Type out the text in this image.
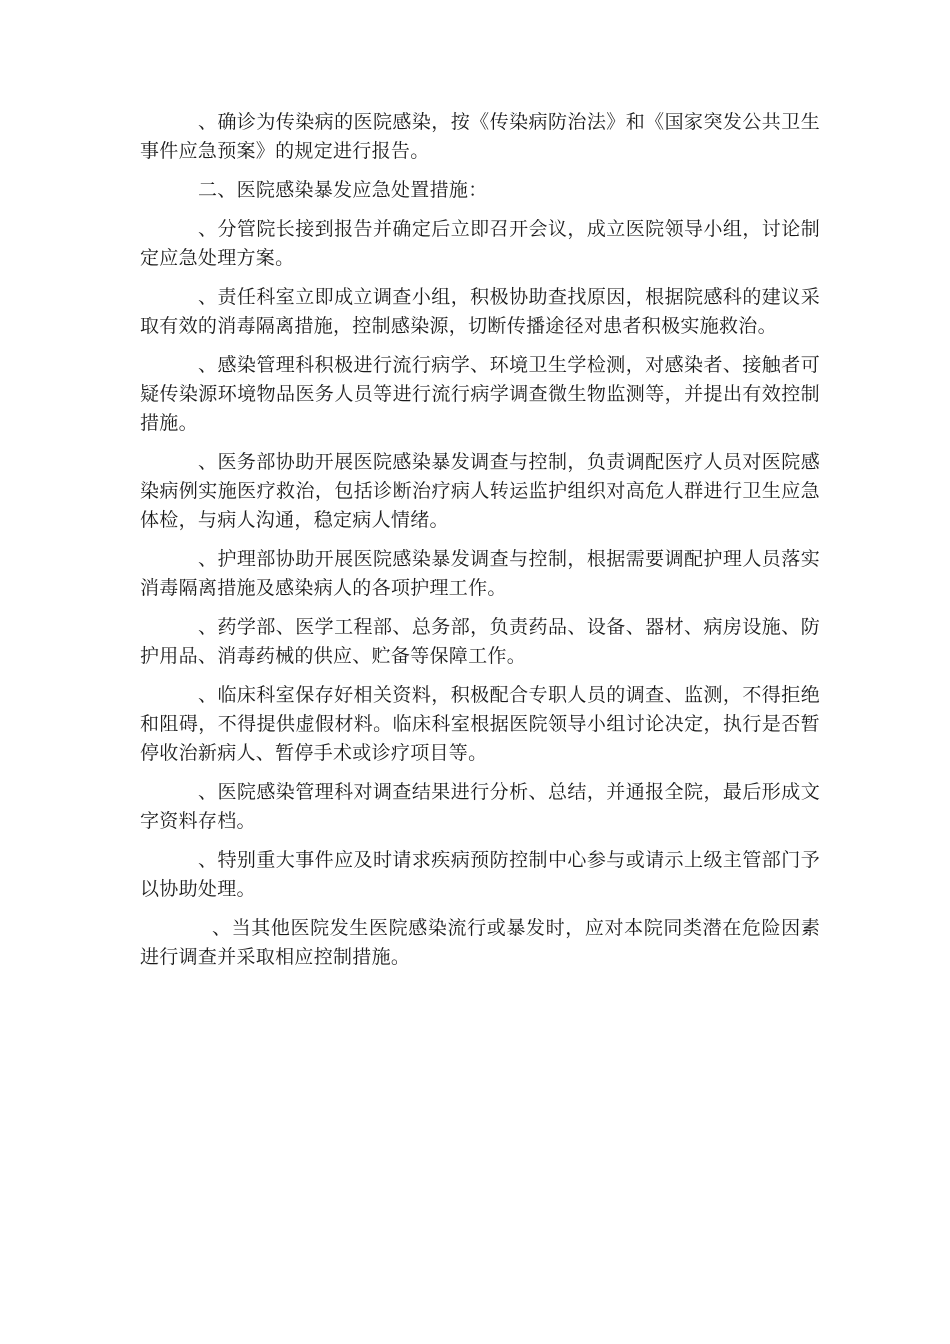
、确诊为传染病的医院感染，按《传染病防治法》和《国家突发公共卫生事件应急预案》的规定进行报告。

二、医院感染暴发应急处置措施：

、分管院长接到报告并确定后立即召开会议，成立医院领导小组，讨论制定应急处理方案。

、责任科室立即成立调查小组，积极协助查找原因，根据院感科的建议采取有效的消毒隔离措施，控制感染源，切断传播途径对患者积极实施救治。

、感染管理科积极进行流行病学、环境卫生学检测，对感染者、接触者可疑传染源环境物品医务人员等进行流行病学调查微生物监测等，并提出有效控制措施。

、医务部协助开展医院感染暴发调查与控制，负责调配医疗人员对医院感染病例实施医疗救治，包括诊断治疗病人转运监护组织对高危人群进行卫生应急体检，与病人沟通，稳定病人情绪。

、护理部协助开展医院感染暴发调查与控制，根据需要调配护理人员落实消毒隔离措施及感染病人的各项护理工作。

、药学部、医学工程部、总务部，负责药品、设备、器材、病房设施、防护用品、消毒药械的供应、贮备等保障工作。

、临床科室保存好相关资料，积极配合专职人员的调查、监测，不得拒绝和阻碍，不得提供虚假材料。临床科室根据医院领导小组讨论决定，执行是否暂停收治新病人、暂停手术或诊疗项目等。

、医院感染管理科对调查结果进行分析、总结，并通报全院，最后形成文字资料存档。

、特别重大事件应及时请求疾病预防控制中心参与或请示上级主管部门予以协助处理。

、当其他医院发生医院感染流行或暴发时，应对本院同类潜在危险因素进行调查并采取相应控制措施。
